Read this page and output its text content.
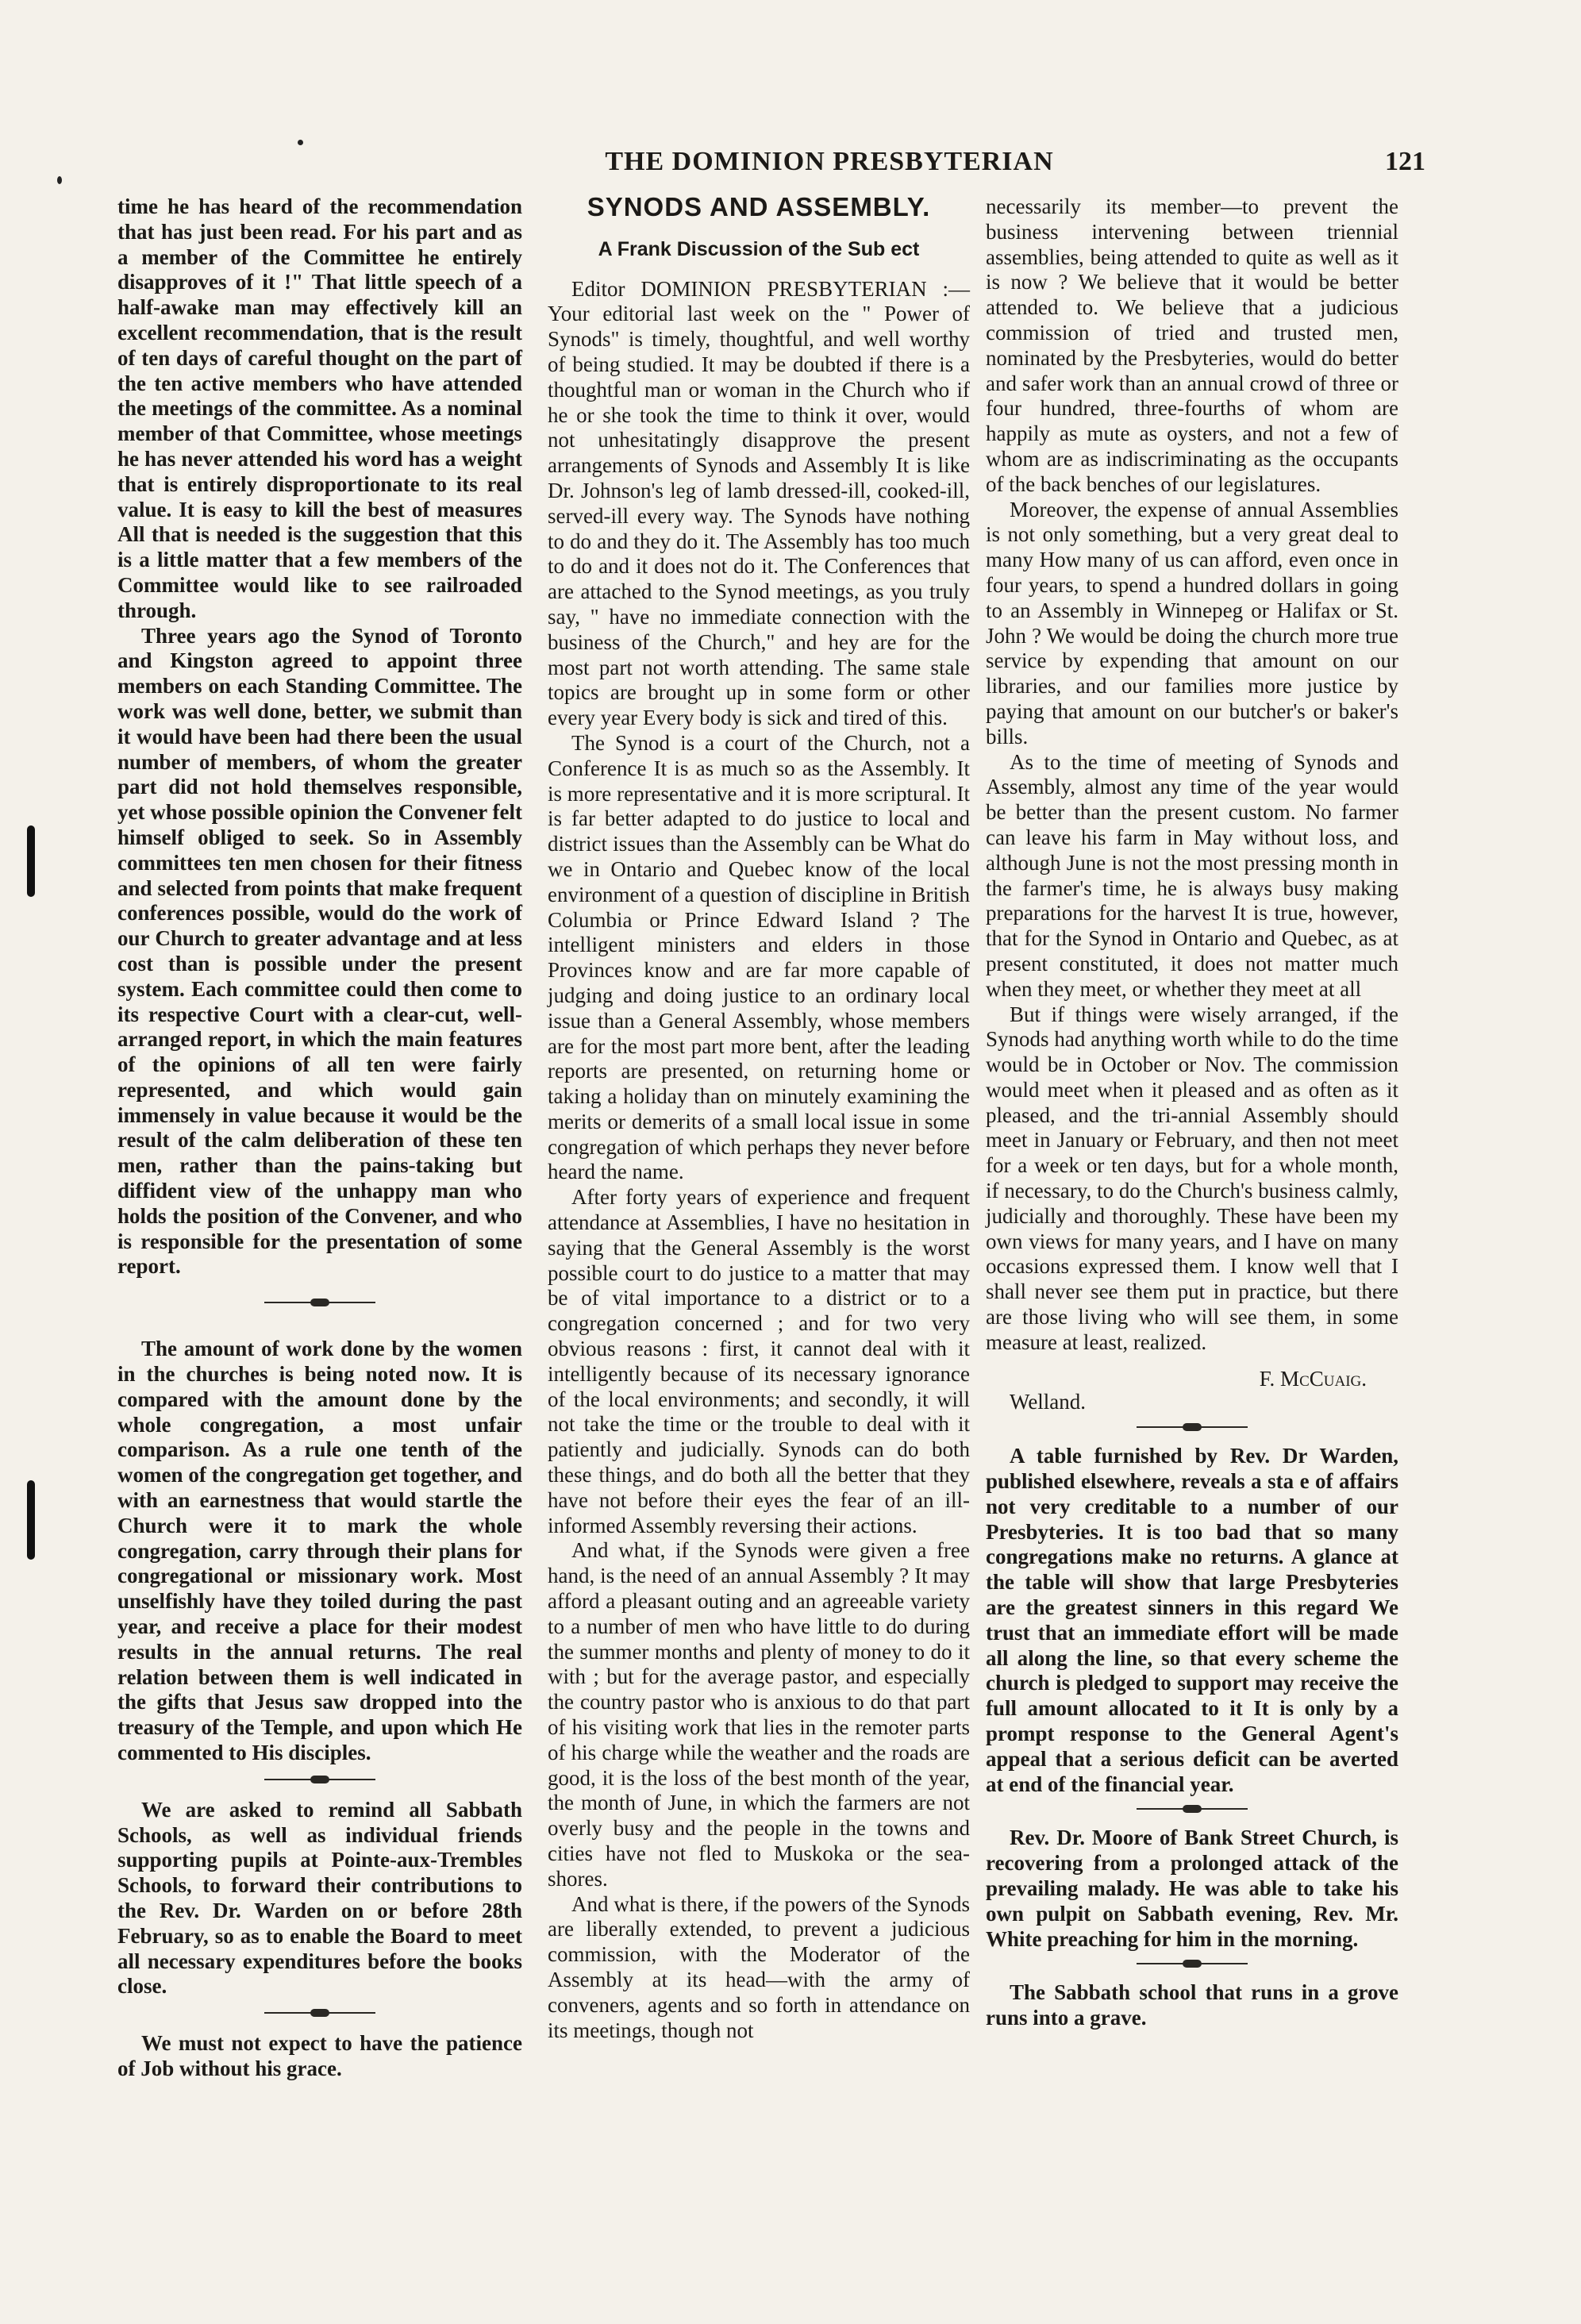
THE DOMINION PRESBYTERIAN	121

time he has heard of the recommendation that has just been read. For his part and as a member of the Committee he entirely disapproves of it !" That little speech of a half-awake man may effectively kill an excellent recommendation, that is the result of ten days of careful thought on the part of the ten active members who have attended the meetings of the committee. As a nominal member of that Committee, whose meetings he has never attended his word has a weight that is entirely disproportionate to its real value. It is easy to kill the best of measures All that is needed is the suggestion that this is a little matter that a few members of the Committee would like to see railroaded through.

Three years ago the Synod of Toronto and Kingston agreed to appoint three members on each Standing Committee. The work was well done, better, we submit than it would have been had there been the usual number of members, of whom the greater part did not hold themselves responsible, yet whose possible opinion the Convener felt himself obliged to seek. So in Assembly committees ten men chosen for their fitness and selected from points that make frequent conferences possible, would do the work of our Church to greater advantage and at less cost than is possible under the present system. Each committee could then come to its respective Court with a clear-cut, well-arranged report, in which the main features of the opinions of all ten were fairly represented, and which would gain immensely in value because it would be the result of the calm deliberation of these ten men, rather than the pains-taking but diffident view of the unhappy man who holds the position of the Convener, and who is responsible for the presentation of some report.

The amount of work done by the women in the churches is being noted now. It is compared with the amount done by the whole congregation, a most unfair comparison. As a rule one tenth of the women of the congregation get together, and with an earnestness that would startle the Church were it to mark the whole congregation, carry through their plans for congregational or missionary work. Most unselfishly have they toiled during the past year, and receive a place for their modest results in the annual returns. The real relation between them is well indicated in the gifts that Jesus saw dropped into the treasury of the Temple, and upon which He commented to His disciples.

We are asked to remind all Sabbath Schools, as well as individual friends supporting pupils at Pointe-aux-Trembles Schools, to forward their contributions to the Rev. Dr. Warden on or before 28th February, so as to enable the Board to meet all necessary expenditures before the books close.

We must not expect to have the patience of Job without his grace.

SYNODS AND ASSEMBLY.
A Frank Discussion of the Sub ect

Editor DOMINION PRESBYTERIAN :—Your editorial last week on the " Power of Synods" is timely, thoughtful, and well worthy of being studied. It may be doubted if there is a thoughtful man or woman in the Church who if he or she took the time to think it over, would not unhesitatingly disapprove the present arrangements of Synods and Assembly It is like Dr. Johnson's leg of lamb dressed-ill, cooked-ill, served-ill every way. The Synods have nothing to do and they do it. The Assembly has too much to do and it does not do it. The Conferences that are attached to the Synod meetings, as you truly say, " have no immediate connection with the business of the Church," and hey are for the most part not worth attending. The same stale topics are brought up in some form or other every year Every body is sick and tired of this.

The Synod is a court of the Church, not a Conference It is as much so as the Assembly. It is more representative and it is more scriptural. It is far better adapted to do justice to local and district issues than the Assembly can be What do we in Ontario and Quebec know of the local environment of a question of discipline in British Columbia or Prince Edward Island ? The intelligent ministers and elders in those Provinces know and are far more capable of judging and doing justice to an ordinary local issue than a General Assembly, whose members are for the most part more bent, after the leading reports are presented, on returning home or taking a holiday than on minutely examining the merits or demerits of a small local issue in some congregation of which perhaps they never before heard the name.

After forty years of experience and frequent attendance at Assemblies, I have no hesitation in saying that the General Assembly is the worst possible court to do justice to a matter that may be of vital importance to a district or to a congregation concerned ; and for two very obvious reasons : first, it cannot deal with it intelligently because of its necessary ignorance of the local environments; and secondly, it will not take the time or the trouble to deal with it patiently and judicially. Synods can do both these things, and do both all the better that they have not before their eyes the fear of an ill-informed Assembly reversing their actions.

And what, if the Synods were given a free hand, is the need of an annual Assembly ? It may afford a pleasant outing and an agreeable variety to a number of men who have little to do during the summer months and plenty of money to do it with ; but for the average pastor, and especially the country pastor who is anxious to do that part of his visiting work that lies in the remoter parts of his charge while the weather and the roads are good, it is the loss of the best month of the year, the month of June, in which the farmers are not overly busy and the people in the towns and cities have not fled to Muskoka or the sea-shores.

And what is there, if the powers of the Synods are liberally extended, to prevent a judicious commission, with the Moderator of the Assembly at its head—with the army of conveners, agents and so forth in attendance on its meetings, though not

necessarily its member—to prevent the business intervening between triennial assemblies, being attended to quite as well as it is now ? We believe that it would be better attended to. We believe that a judicious commission of tried and trusted men, nominated by the Presbyteries, would do better and safer work than an annual crowd of three or four hundred, three-fourths of whom are happily as mute as oysters, and not a few of whom are as indiscriminating as the occupants of the back benches of our legislatures.

Moreover, the expense of annual Assemblies is not only something, but a very great deal to many How many of us can afford, even once in four years, to spend a hundred dollars in going to an Assembly in Winnepeg or Halifax or St. John ? We would be doing the church more true service by expending that amount on our libraries, and our families more justice by paying that amount on our butcher's or baker's bills.

As to the time of meeting of Synods and Assembly, almost any time of the year would be better than the present custom. No farmer can leave his farm in May without loss, and although June is not the most pressing month in the farmer's time, he is always busy making preparations for the harvest It is true, however, that for the Synod in Ontario and Quebec, as at present constituted, it does not matter much when they meet, or whether they meet at all

But if things were wisely arranged, if the Synods had anything worth while to do the time would be in October or Nov. The commission would meet when it pleased and as often as it pleased, and the tri-annial Assembly should meet in January or February, and then not meet for a week or ten days, but for a whole month, if necessary, to do the Church's business calmly, judicially and thoroughly. These have been my own views for many years, and I have on many occasions expressed them. I know well that I shall never see them put in practice, but there are those living who will see them, in some measure at least, realized.

F. McCuaig.

Welland.

A table furnished by Rev. Dr Warden, published elsewhere, reveals a sta e of affairs not very creditable to a number of our Presbyteries. It is too bad that so many congregations make no returns. A glance at the table will show that large Presbyteries are the greatest sinners in this regard We trust that an immediate effort will be made all along the line, so that every scheme the church is pledged to support may receive the full amount allocated to it It is only by a prompt response to the General Agent's appeal that a serious deficit can be averted at end of the financial year.

Rev. Dr. Moore of Bank Street Church, is recovering from a prolonged attack of the prevailing malady. He was able to take his own pulpit on Sabbath evening, Rev. Mr. White preaching for him in the morning.

The Sabbath school that runs in a grove runs into a grave.
